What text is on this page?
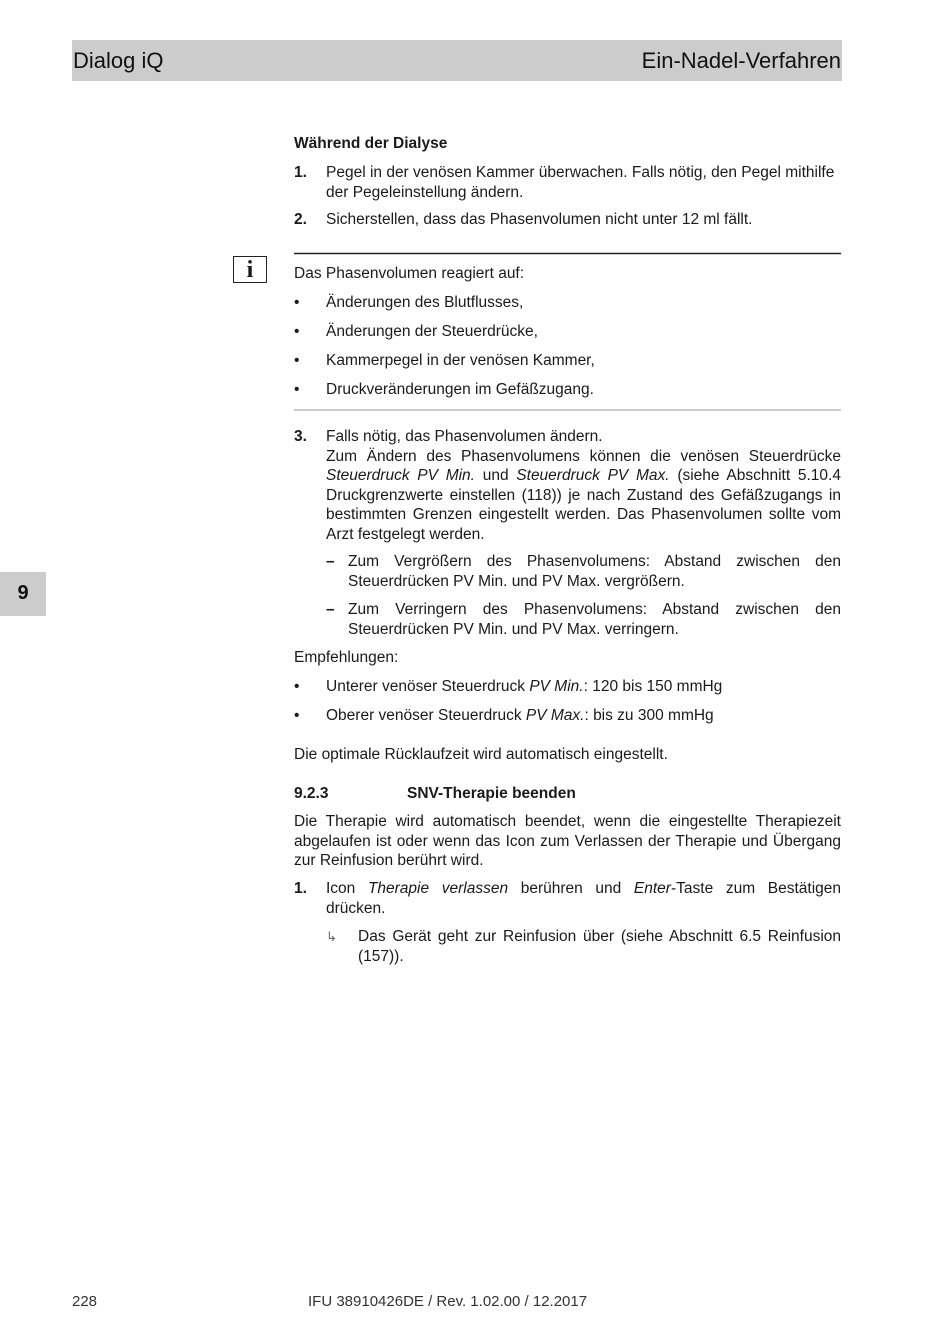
Dialog iQ	Ein-Nadel-Verfahren
9
Während der Dialyse
1.	Pegel in der venösen Kammer überwachen. Falls nötig, den Pegel mithilfe der Pegeleinstellung ändern.
2.	Sicherstellen, dass das Phasenvolumen nicht unter 12 ml fällt.
i	Das Phasenvolumen reagiert auf:
•	Änderungen des Blutflusses,
•	Änderungen der Steuerdrücke,
•	Kammerpegel in der venösen Kammer,
•	Druckveränderungen im Gefäßzugang.
3.	Falls nötig, das Phasenvolumen ändern.
Zum Ändern des Phasenvolumens können die venösen Steuerdrücke Steuerdruck PV Min. und Steuerdruck PV Max. (siehe Abschnitt 5.10.4 Druckgrenzwerte einstellen (118)) je nach Zustand des Gefäßzugangs in bestimmten Grenzen eingestellt werden. Das Phasenvolumen sollte vom Arzt festgelegt werden.
– Zum Vergrößern des Phasenvolumens: Abstand zwischen den Steuerdrücken PV Min. und PV Max. vergrößern.
– Zum Verringern des Phasenvolumens: Abstand zwischen den Steuerdrücken PV Min. und PV Max. verringern.
Empfehlungen:
•	Unterer venöser Steuerdruck PV Min.: 120 bis 150 mmHg
•	Oberer venöser Steuerdruck PV Max.: bis zu 300 mmHg
Die optimale Rücklaufzeit wird automatisch eingestellt.
9.2.3	SNV-Therapie beenden
Die Therapie wird automatisch beendet, wenn die eingestellte Therapiezeit abgelaufen ist oder wenn das Icon zum Verlassen der Therapie und Übergang zur Reinfusion berührt wird.
1.	Icon Therapie verlassen berühren und Enter-Taste zum Bestätigen drücken.
↳	Das Gerät geht zur Reinfusion über (siehe Abschnitt 6.5 Reinfusion (157)).
228	IFU 38910426DE / Rev. 1.02.00 / 12.2017
